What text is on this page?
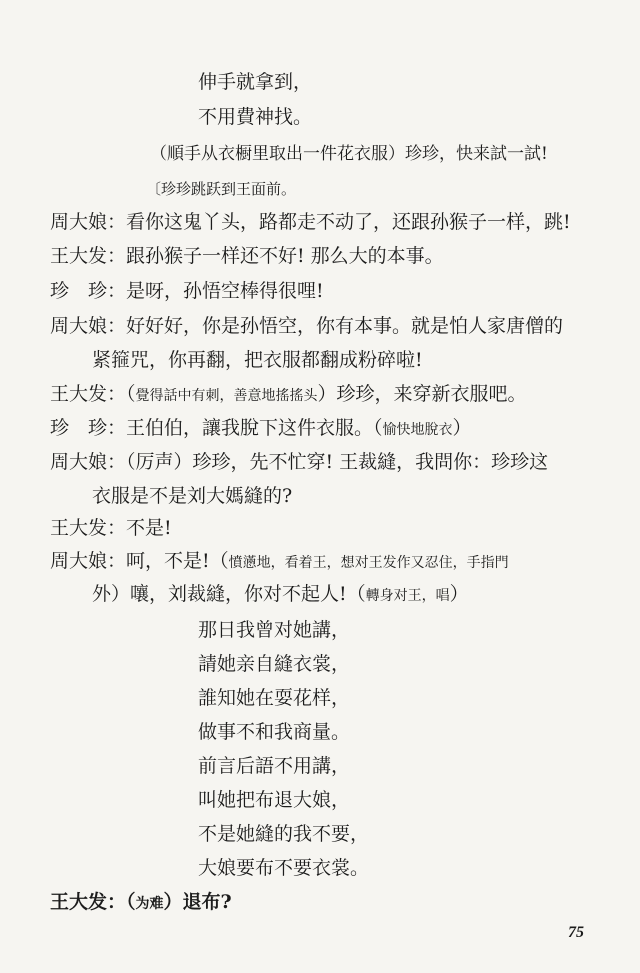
伸手就拿到，
不用費神找。
（順手从衣橱里取出一件花衣服）珍珍，快来試一試!
〔珍珍跳跃到王面前。
周大娘：看你这鬼丫头，路都走不动了，还跟孙猴子一样，跳!
王大发：跟孙猴子一样还不好! 那么大的本事。
珍　珍：是呀，孙悟空棒得很哩!
周大娘：好好好，你是孙悟空，你有本事。就是怕人家唐僧的
紧箍咒，你再翻，把衣服都翻成粉碎啦!
王大发：（覺得話中有刺，善意地搖搖头）珍珍，来穿新衣服吧。
珍　珍：王伯伯，讓我脫下这件衣服。（愉快地脫衣）
周大娘：（厉声）珍珍，先不忙穿! 王裁縫，我問你：珍珍这
衣服是不是刘大媽縫的?
王大发：不是!
周大娘：呵，不是!（憤懣地，看着王，想对王发作又忍住，手指門
外）嚷，刘裁縫，你对不起人!（轉身对王，唱）
那日我曾对她講，
請她亲自縫衣裳，
誰知她在耍花样，
做事不和我商量。
前言后語不用講，
叫她把布退大娘，
不是她縫的我不要，
大娘要布不要衣裳。
王大发：（为难）退布?
75
